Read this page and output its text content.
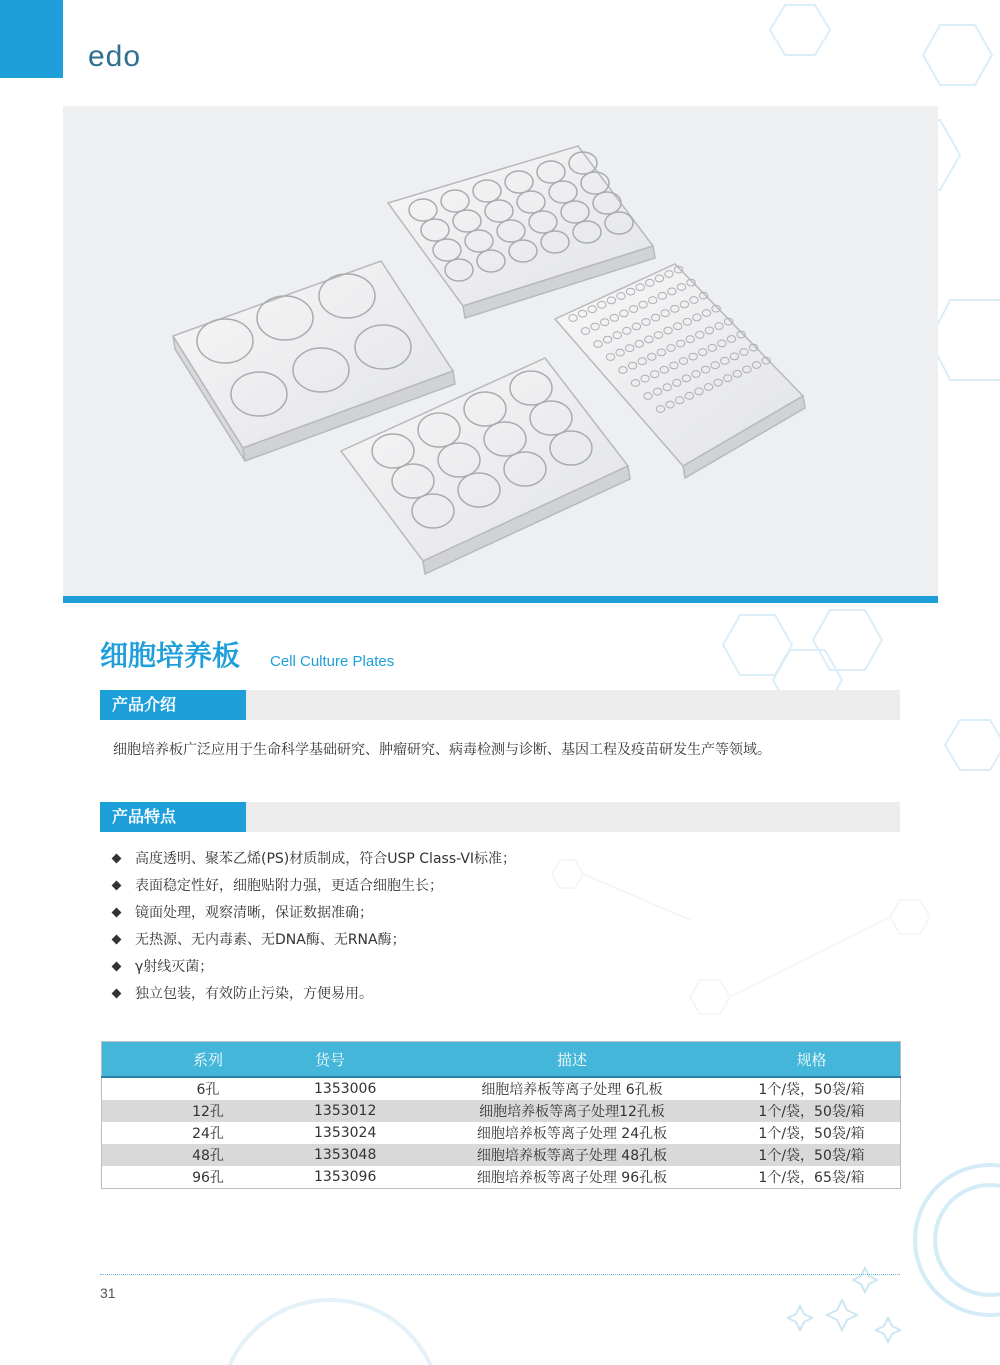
edo
细胞培养板 Cell Culture Plates
产品介绍
细胞培养板广泛应用于生命科学基础研究、肿瘤研究、病毒检测与诊断、基因工程及疫苗研发生产等领域。
产品特点
高度透明、聚苯乙烯(PS)材质制成，符合USP Class-VI标准；
表面稳定性好，细胞贴附力强，更适合细胞生长；
镜面处理，观察清晰，保证数据准确；
无热源、无内毒素、无DNA酶、无RNA酶；
γ射线灭菌；
独立包装，有效防止污染，方便易用。
系列	货号	描述	规格
6孔	1353006	细胞培养板等离子处理 6孔板	1个/袋，50袋/箱
12孔	1353012	细胞培养板等离子处理12孔板	1个/袋，50袋/箱
24孔	1353024	细胞培养板等离子处理 24孔板	1个/袋，50袋/箱
48孔	1353048	细胞培养板等离子处理 48孔板	1个/袋，50袋/箱
96孔	1353096	细胞培养板等离子处理 96孔板	1个/袋，65袋/箱
31
